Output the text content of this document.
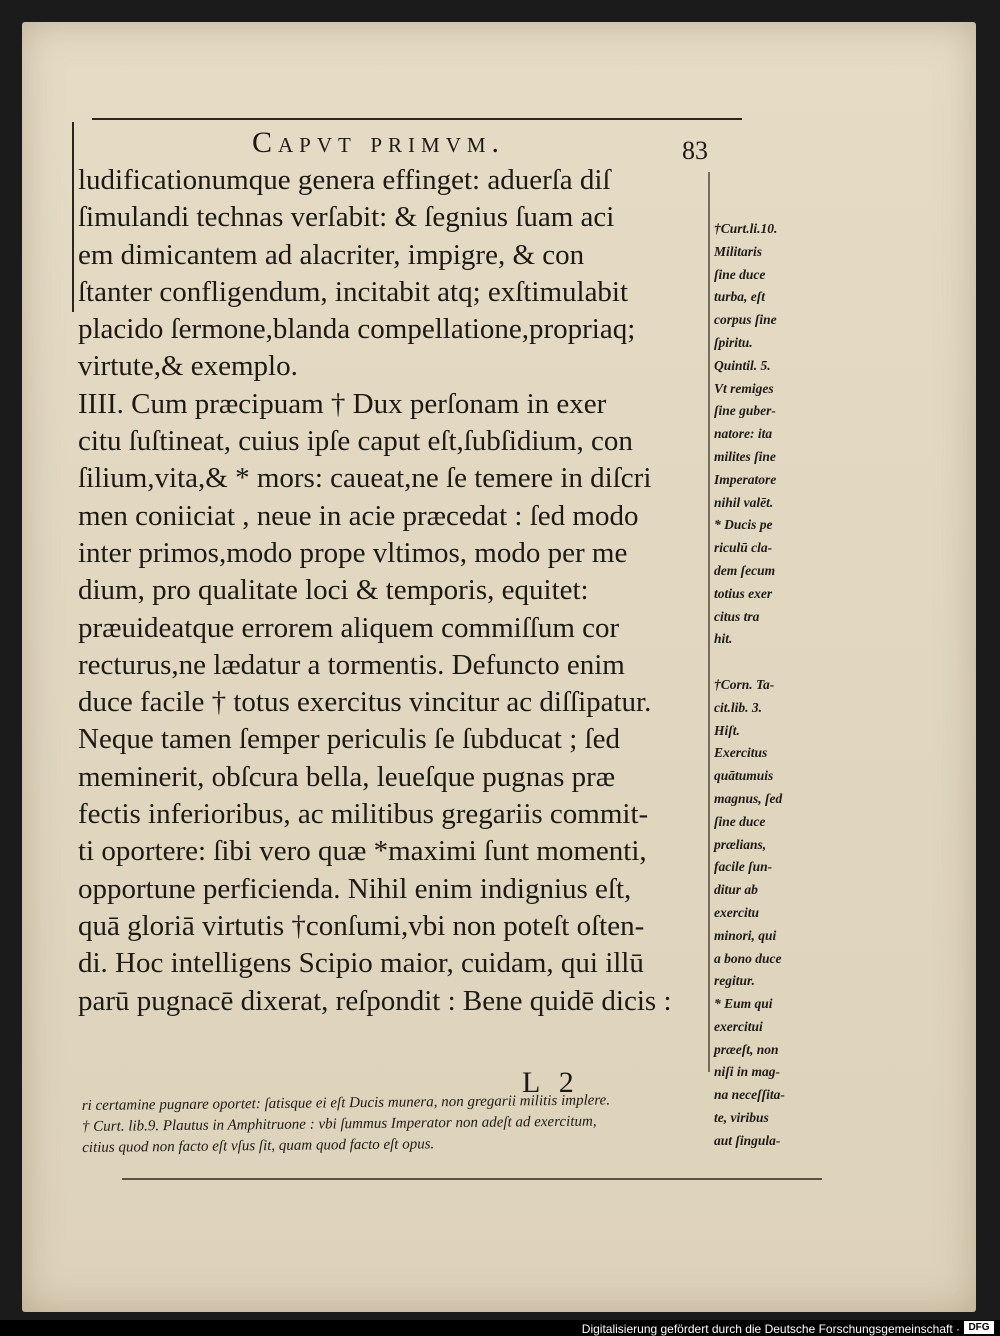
Capvt primvm.	83
ludificationumque genera effinget: aduerſa diſ
ſimulandi technas verſabit: & ſegnius ſuam aci
em dimicantem ad alacriter, impigre, & con
ſtanter confligendum, incitabit atq; exſtimulabit
placido ſermone,blanda compellatione,propriaq;
virtute,& exemplo.
IIII. Cum præcipuam † Dux perſonam in exer
citu ſuſtineat, cuius ipſe caput eſt,ſubſidium, con
ſilium,vita,& * mors: caueat,ne ſe temere in diſcri
men coniiciat , neue in acie præcedat : ſed modo
inter primos,modo prope vltimos, modo per me
dium, pro qualitate loci & temporis, equitet:
præuideatque errorem aliquem commiſſum cor
recturus,ne lædatur a tormentis. Defuncto enim
duce facile † totus exercitus vincitur ac diſſipatur.
Neque tamen ſemper periculis ſe ſubducat ; ſed
meminerit, obſcura bella, leueſque pugnas præ
fectis inferioribus, ac militibus gregariis commit-
ti oportere: ſibi vero quæ *maximi ſunt momenti,
opportune perficienda. Nihil enim indignius eſt,
quā gloriā virtutis †conſumi,vbi non poteſt oſten-
di. Hoc intelligens Scipio maior, cuidam, qui illū
parū pugnacē dixerat, reſpondit : Bene quidē dicis :
L 2
†Curt.li.10.
Militaris
ſine duce
turba, eſt
corpus ſine
ſpiritu.
Quintil. 5.
Vt remiges
ſine guber-
natore: ita
milites ſine
Imperatore
nihil valēt.
* Ducis pe
riculū cla-
dem ſecum
totius exer
citus tra
hit.
†Corn. Ta-
cit.lib. 3.
Hiſt.
Exercitus
quātumuis
magnus, ſed
ſine duce
prælians,
facile ſun-
ditur ab
exercitu
minori, qui
a bono duce
regitur.
* Eum qui
exercitui
præeſt, non
niſi in mag-
na neceſſita-
te, viribus
aut ſingula-
ri certamine pugnare oportet: ſatisque ei eſt Ducis munera, non gregarii militis implere.
† Curt. lib.9. Plautus in Amphitruone : vbi ſummus Imperator non adeſt ad exercitum,
citius quod non facto eſt vſus ſit, quam quod facto eſt opus.
Digitalisierung gefördert durch die Deutsche Forschungsgemeinschaft · DFG
